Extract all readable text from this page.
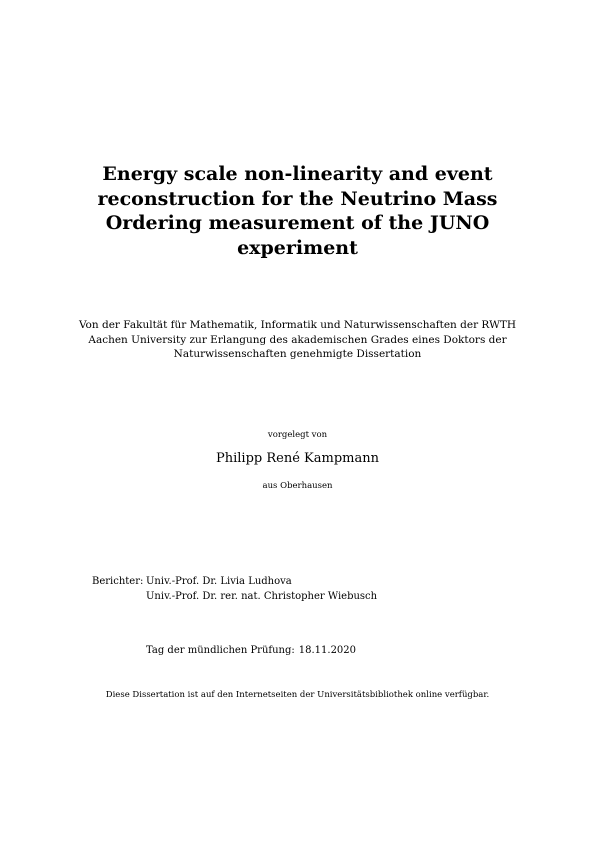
Energy scale non-linearity and event
reconstruction for the Neutrino Mass
Ordering measurement of the JUNO
experiment
Von der Fakultät für Mathematik, Informatik und Naturwissenschaften der RWTH
Aachen University zur Erlangung des akademischen Grades eines Doktors der
Naturwissenschaften genehmigte Dissertation
vorgelegt von
Philipp René Kampmann
aus Oberhausen
Berichter: Univ.-Prof. Dr. Livia Ludhova
Univ.-Prof. Dr. rer. nat. Christopher Wiebusch
Tag der mündlichen Prüfung: 18.11.2020
Diese Dissertation ist auf den Internetseiten der Universitätsbibliothek online verfügbar.
